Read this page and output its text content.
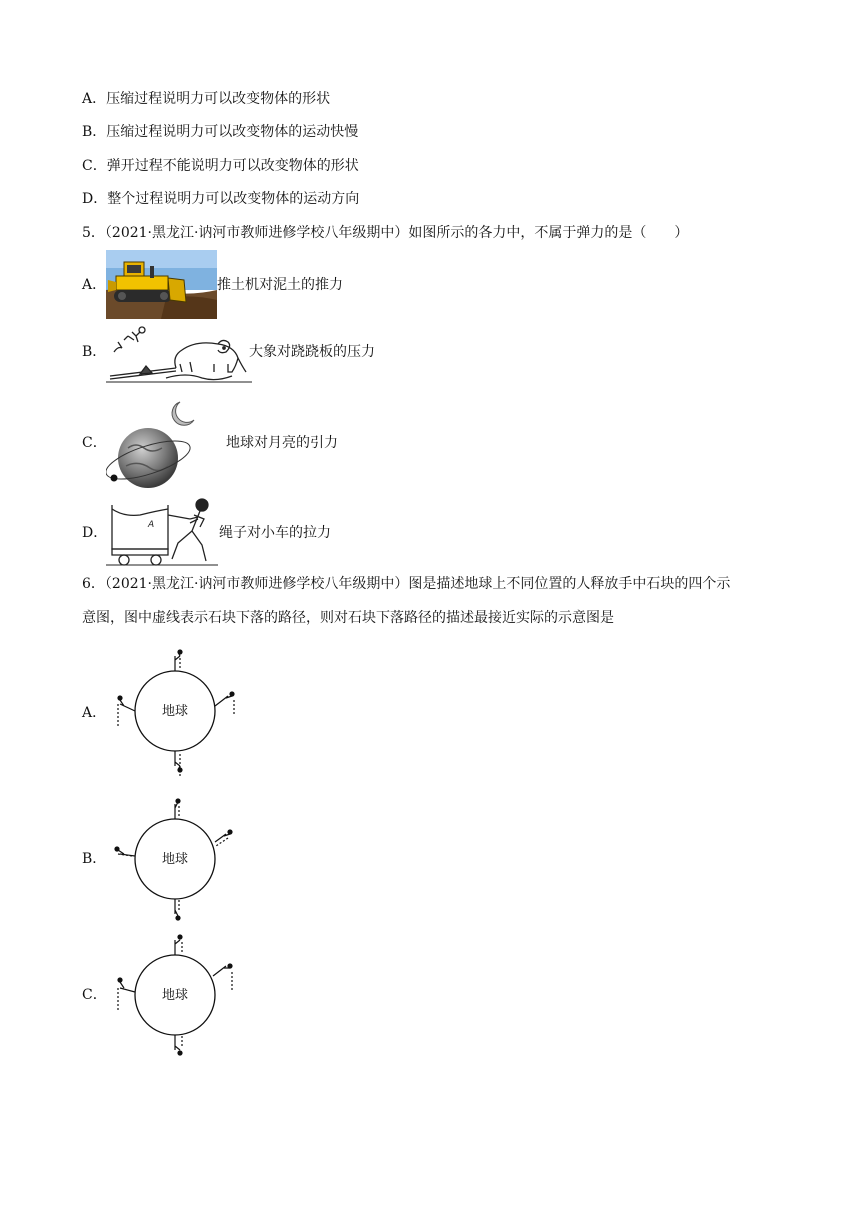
A．压缩过程说明力可以改变物体的形状
B．压缩过程说明力可以改变物体的运动快慢
C．弹开过程不能说明力可以改变物体的形状
D．整个过程说明力可以改变物体的运动方向
5．（2021·黑龙江·讷河市教师进修学校八年级期中）如图所示的各力中，不属于弹力的是（　　）
A．	推土机对泥土的推力
B．	大象对跷跷板的压力
C．	地球对月亮的引力
D．	A	绳子对小车的拉力
6．（2021·黑龙江·讷河市教师进修学校八年级期中）图是描述地球上不同位置的人释放手中石块的四个示
意图，图中虚线表示石块下落的路径，则对石块下落路径的描述最接近实际的示意图是
A．	地球
B．	地球
C．	地球
